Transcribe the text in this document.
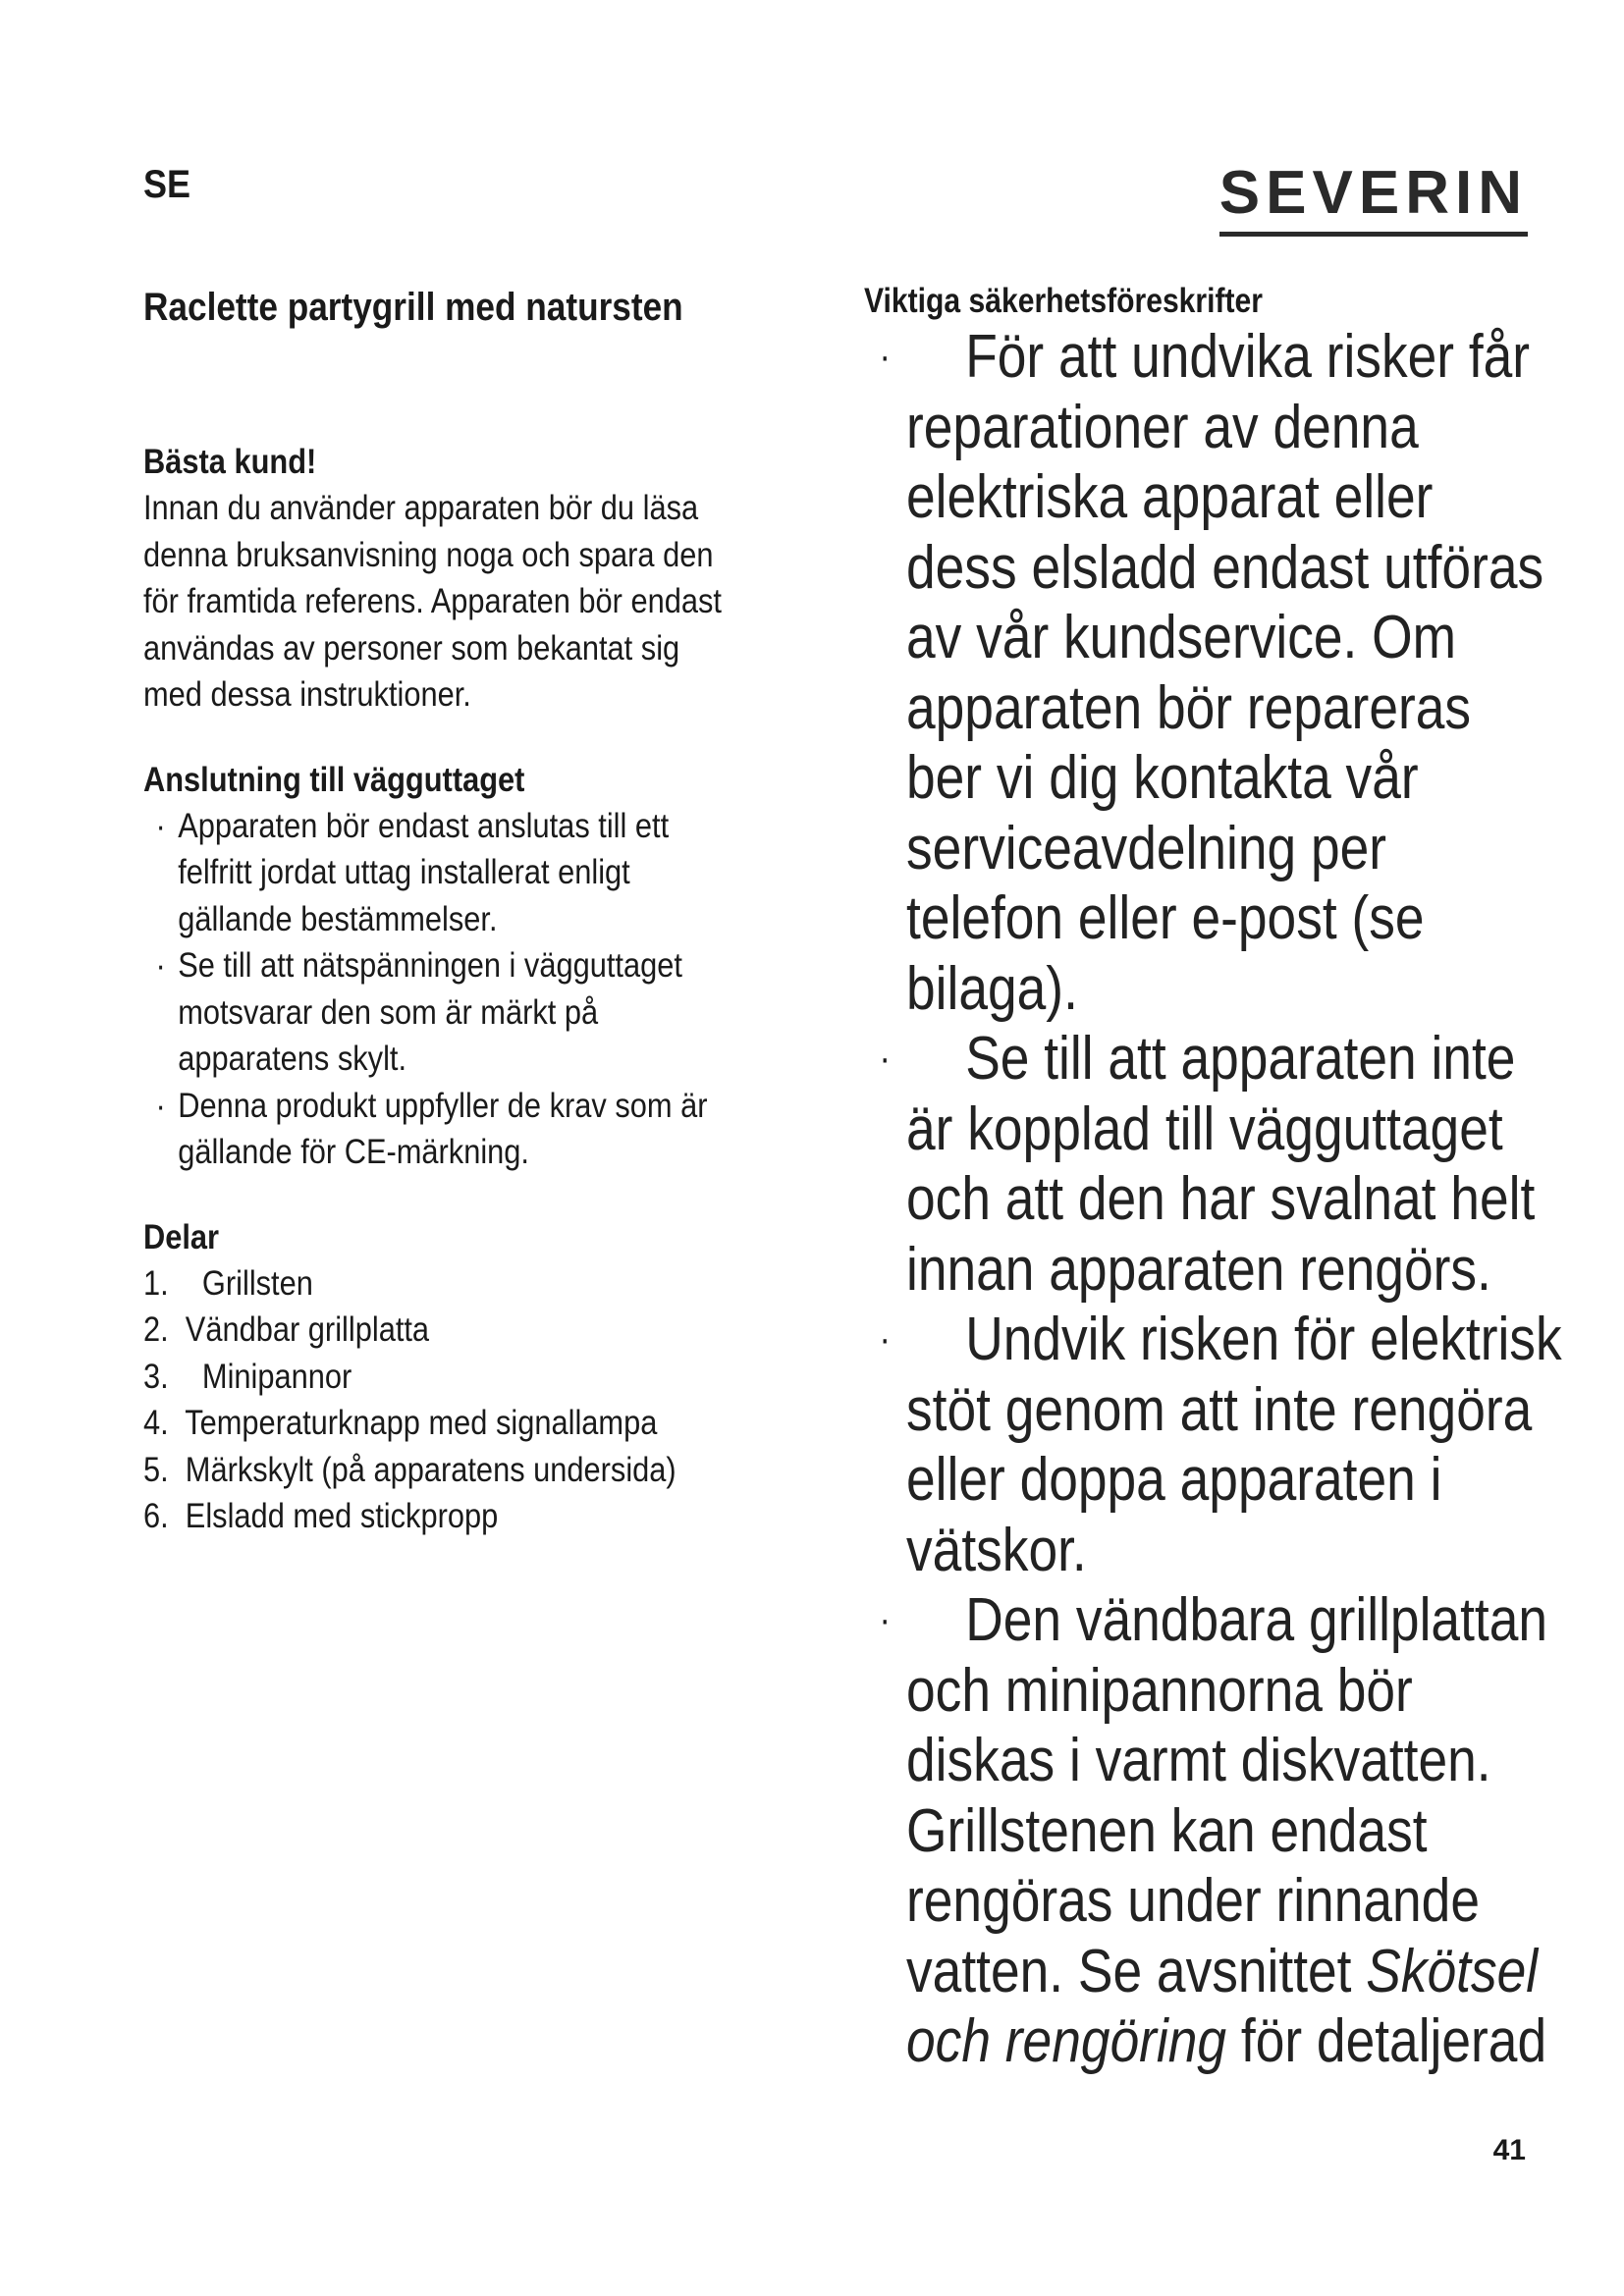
SE	SEVERIN
Raclette partygrill med natursten
Bästa kund!
Innan du använder apparaten bör du läsa
denna bruksanvisning noga och spara den
för framtida referens. Apparaten bör endast
användas av personer som bekantat sig
med dessa instruktioner.
Anslutning till vägguttaget
· Apparaten bör endast anslutas till ett
felfritt jordat uttag installerat enligt
gällande bestämmelser.
· Se till att nätspänningen i vägguttaget
motsvarar den som är märkt på
apparatens skylt.
· Denna produkt uppfyller de krav som är
gällande för CE-märkning.
Delar
1.    Grillsten
2.  Vändbar grillplatta
3.    Minipannor
4.  Temperaturknapp med signallampa
5.  Märkskylt (på apparatens undersida)
6.  Elsladd med stickpropp
Viktiga säkerhetsföreskrifter
·	För att undvika risker får
reparationer av denna
elektriska apparat eller
dess elsladd endast utföras
av vår kundservice. Om
apparaten bör repareras
ber vi dig kontakta vår
serviceavdelning per
telefon eller e-post (se
bilaga).
·	Se till att apparaten inte
är kopplad till vägguttaget
och att den har svalnat helt
innan apparaten rengörs.
·	Undvik risken för elektrisk
stöt genom att inte rengöra
eller doppa apparaten i
vätskor.
·	Den vändbara grillplattan
och minipannorna bör
diskas i varmt diskvatten.
Grillstenen kan endast
rengöras under rinnande
vatten. Se avsnittet Skötsel
och rengöring för detaljerad
41
